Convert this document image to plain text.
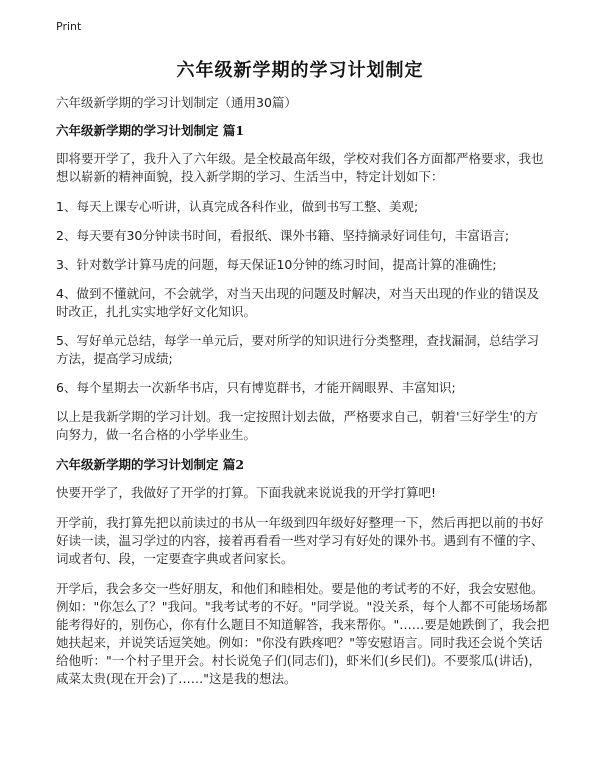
Print
六年级新学期的学习计划制定
六年级新学期的学习计划制定（通用30篇）
六年级新学期的学习计划制定 篇1

即将要开学了，我升入了六年级。是全校最高年级，学校对我们各方面都严格要求，我也想以崭新的精神面貌，投入新学期的学习、生活当中，特定计划如下：

1、每天上课专心听讲，认真完成各科作业，做到书写工整、美观;

2、每天要有30分钟读书时间，看报纸、课外书籍、坚持摘录好词佳句，丰富语言;

3、针对数学计算马虎的问题，每天保证10分钟的练习时间，提高计算的准确性;

4、做到不懂就问，不会就学，对当天出现的问题及时解决，对当天出现的作业的错误及时改正，扎扎实实地学好文化知识。

5、写好单元总结，每学一单元后，要对所学的知识进行分类整理，查找漏洞，总结学习方法，提高学习成绩;

6、每个星期去一次新华书店，只有博览群书，才能开阔眼界、丰富知识;

以上是我新学期的学习计划。我一定按照计划去做，严格要求自己，朝着'三好学生'的方向努力，做一名合格的小学毕业生。

六年级新学期的学习计划制定 篇2

快要开学了，我做好了开学的打算。下面我就来说说我的开学打算吧!

开学前，我打算先把以前读过的书从一年级到四年级好好整理一下，然后再把以前的书好好读一读，温习学过的内容，接着再看看一些对学习有好处的课外书。遇到有不懂的字、词或者句、段，一定要查字典或者问家长。

开学后，我会多交一些好朋友，和他们和睦相处。要是他的考试考的不好，我会安慰他。例如："你怎么了？"我问。"我考试考的不好。"同学说。"没关系，每个人都不可能场场都能考得好的，别伤心，你有什么题目不知道解答，我来帮你。"……要是她跌倒了，我会把她扶起来，并说笑话逗笑她。例如："你没有跌疼吧？"等安慰语言。同时我还会说个笑话给他听："一个村子里开会。村长说兔子们(同志们)，虾米们(乡民们)。不要浆瓜(讲话)，咸菜太贵(现在开会)了……"这是我的想法。
